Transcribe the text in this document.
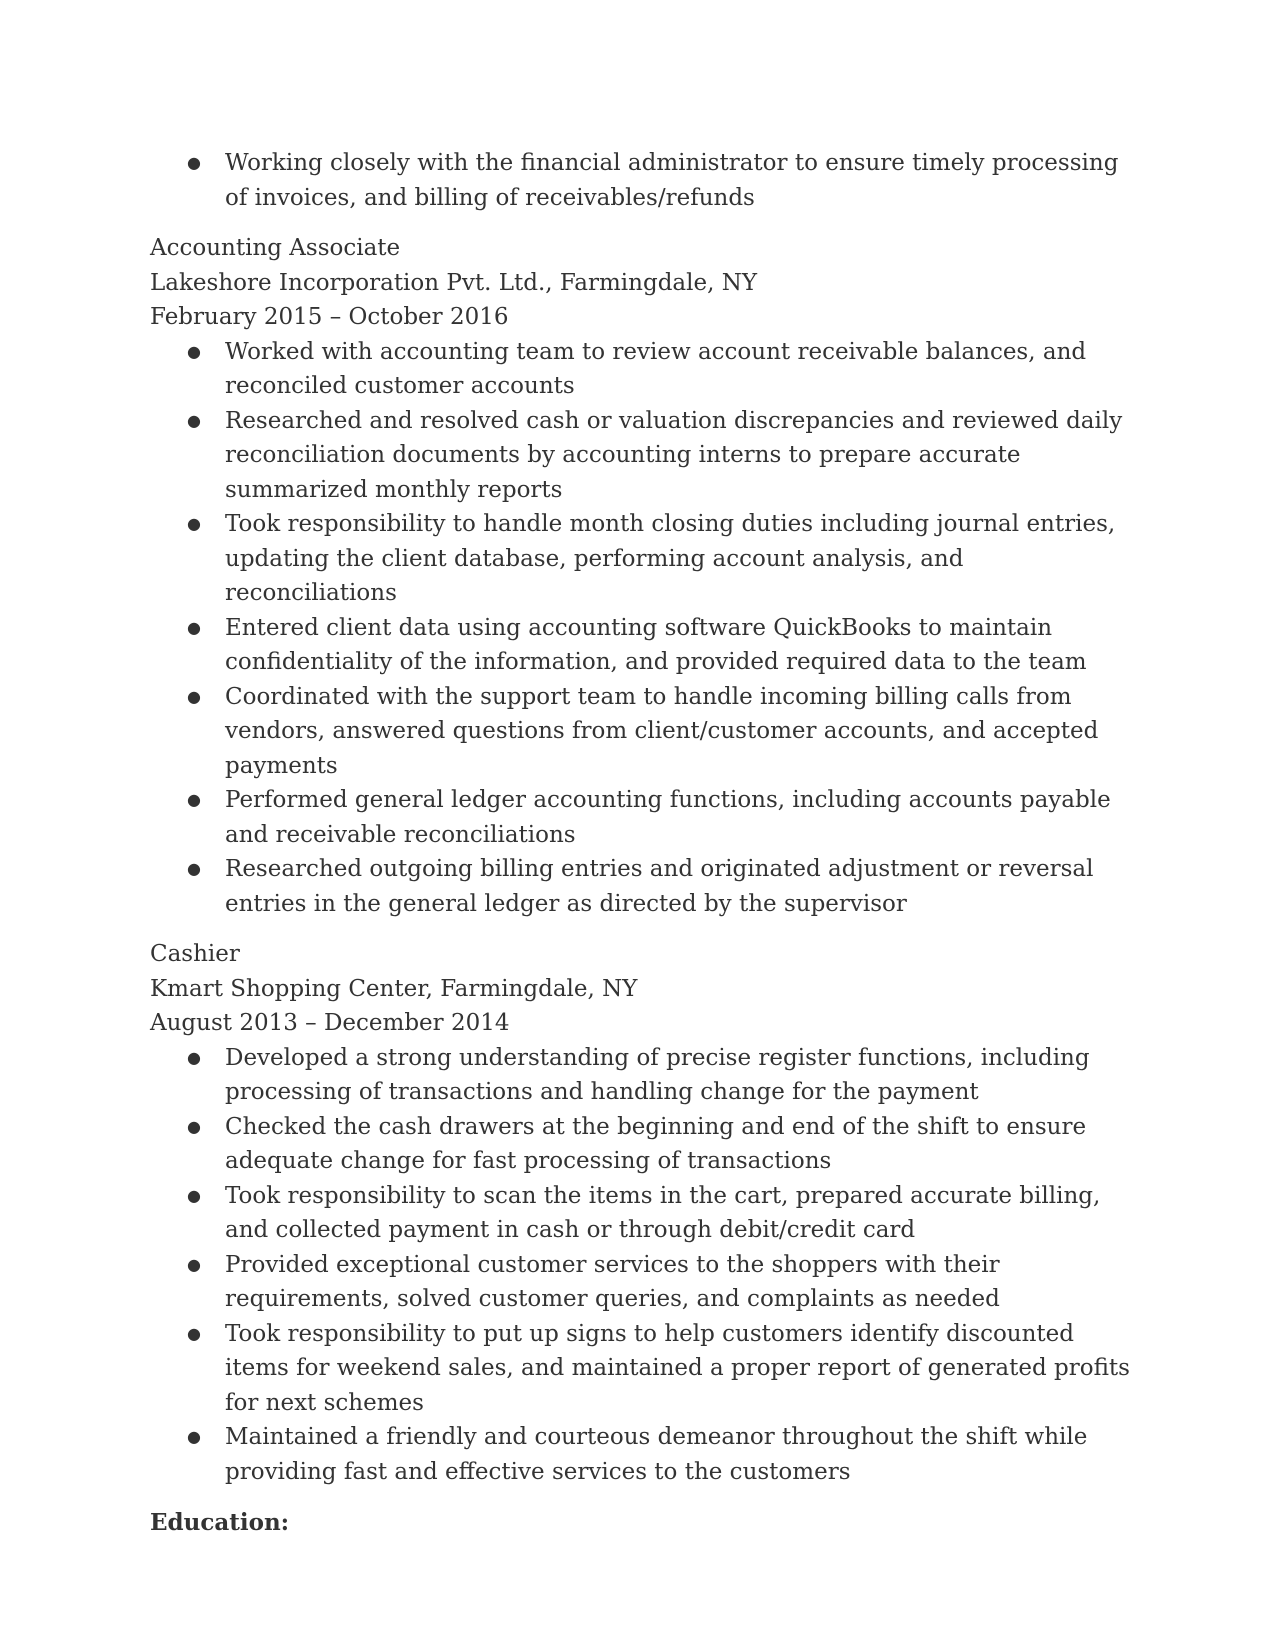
● Working closely with the financial administrator to ensure timely processing of invoices, and billing of receivables/refunds
Accounting Associate
Lakeshore Incorporation Pvt. Ltd., Farmingdale, NY
February 2015 – October 2016
● Worked with accounting team to review account receivable balances, and reconciled customer accounts
● Researched and resolved cash or valuation discrepancies and reviewed daily reconciliation documents by accounting interns to prepare accurate summarized monthly reports
● Took responsibility to handle month closing duties including journal entries, updating the client database, performing account analysis, and reconciliations
● Entered client data using accounting software QuickBooks to maintain confidentiality of the information, and provided required data to the team
● Coordinated with the support team to handle incoming billing calls from vendors, answered questions from client/customer accounts, and accepted payments
● Performed general ledger accounting functions, including accounts payable and receivable reconciliations
● Researched outgoing billing entries and originated adjustment or reversal entries in the general ledger as directed by the supervisor
Cashier
Kmart Shopping Center, Farmingdale, NY
August 2013 – December 2014
● Developed a strong understanding of precise register functions, including processing of transactions and handling change for the payment
● Checked the cash drawers at the beginning and end of the shift to ensure adequate change for fast processing of transactions
● Took responsibility to scan the items in the cart, prepared accurate billing, and collected payment in cash or through debit/credit card
● Provided exceptional customer services to the shoppers with their requirements, solved customer queries, and complaints as needed
● Took responsibility to put up signs to help customers identify discounted items for weekend sales, and maintained a proper report of generated profits for next schemes
● Maintained a friendly and courteous demeanor throughout the shift while providing fast and effective services to the customers
Education:
